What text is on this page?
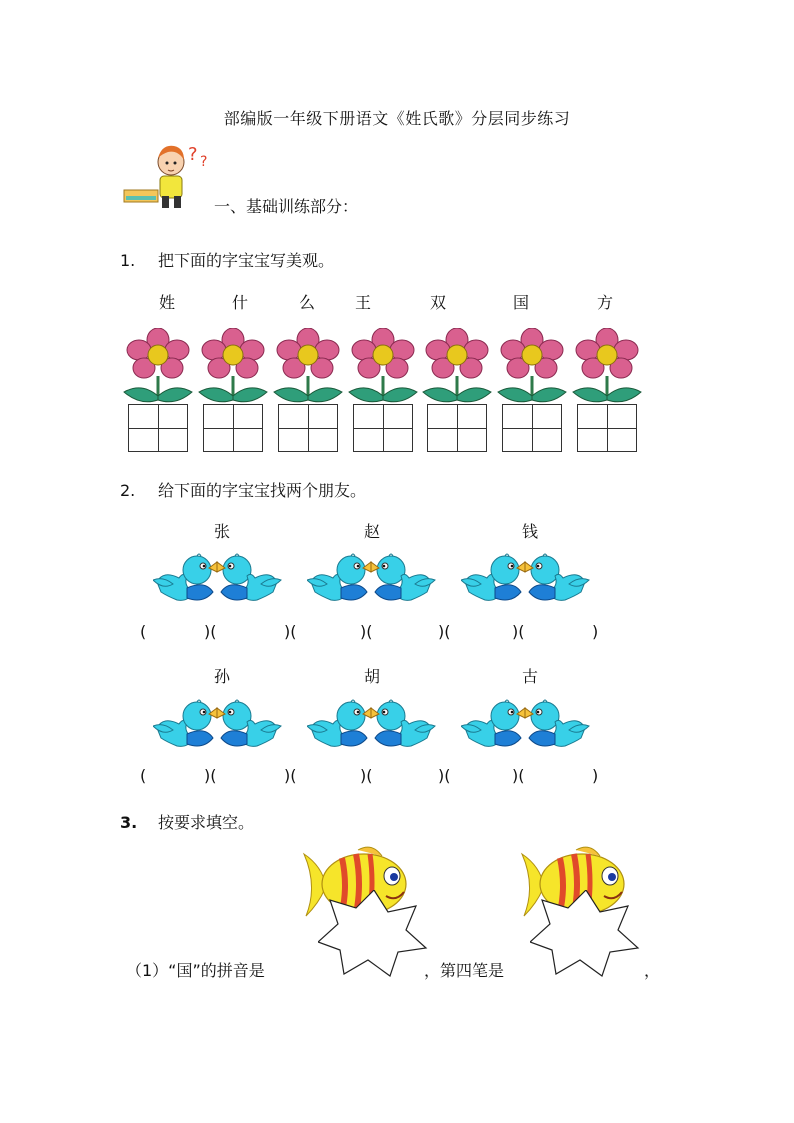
部编版一年级下册语文《姓氏歌》分层同步练习
? ?
一、基础训练部分：
1. 把下面的字宝宝写美观。
姓	什	么	王	双	国	方
2. 给下面的字宝宝找两个朋友。
张	赵	钱
(	)(	)(	)(	)(	)(	)
孙	胡	古
(	)(	)(	)(	)(	)(	)
3. 按要求填空。
（1）“国”的拼音是	，第四笔是	，
